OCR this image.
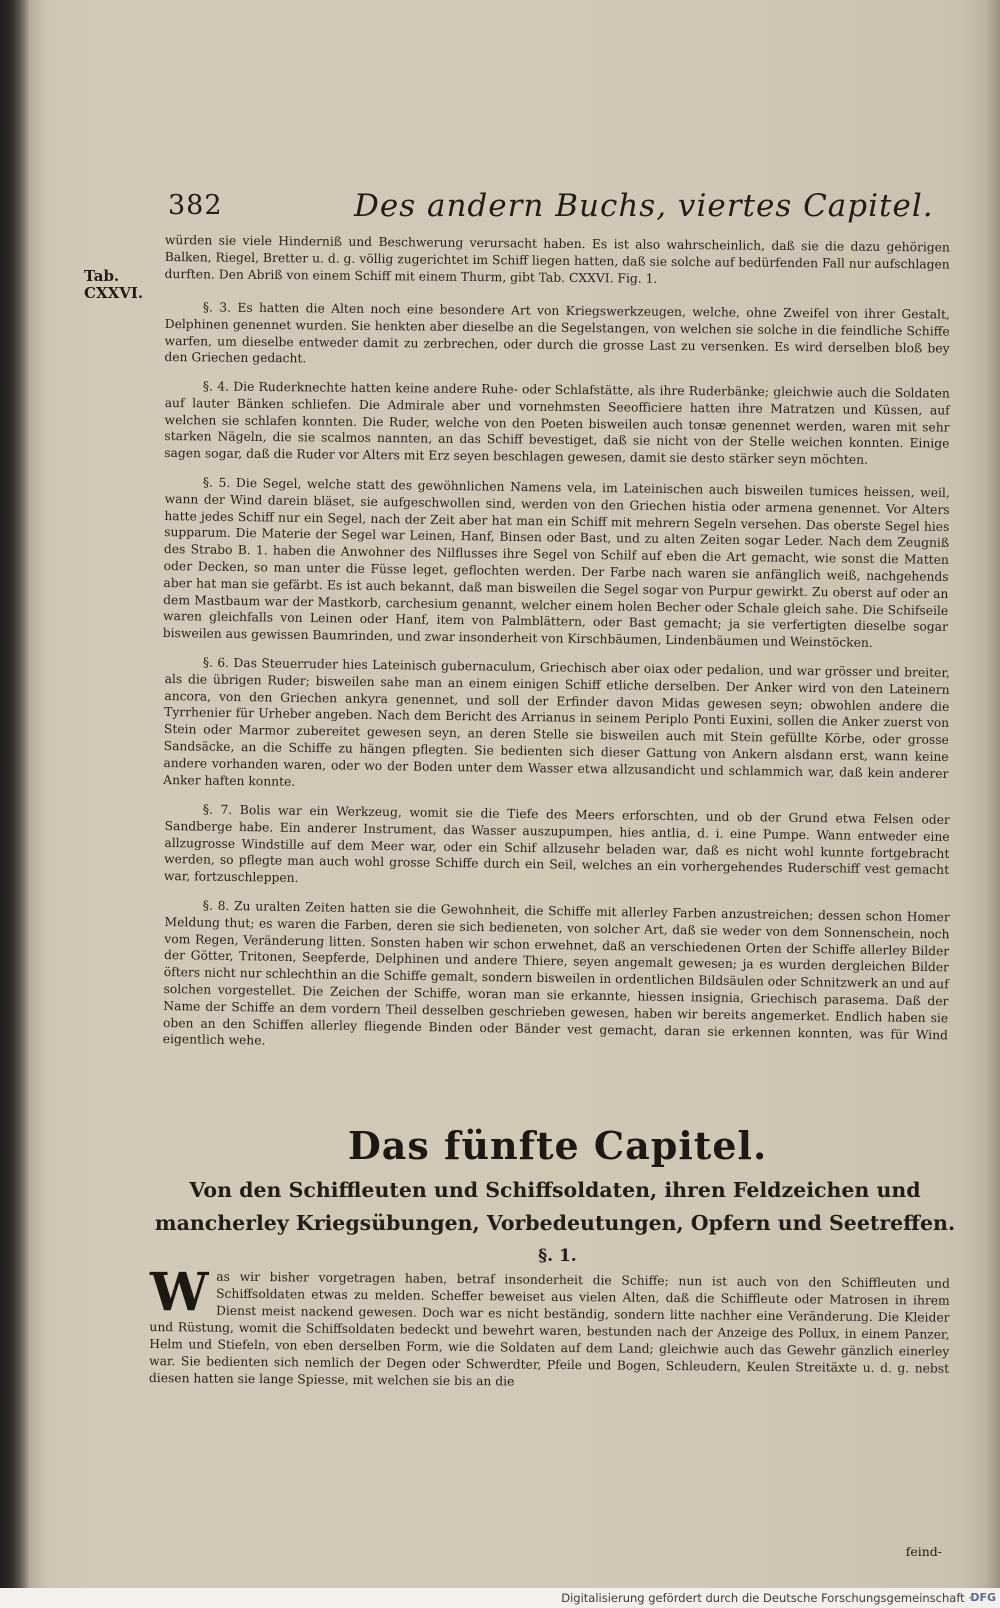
382	Des andern Buchs, viertes Capitel.
Tab.
CXXVI.

würden sie viele Hinderniß und Beschwerung verursacht haben. Es ist also wahrscheinlich, daß sie die dazu gehörigen Balken, Riegel, Bretter u. d. g. völlig zugerichtet im Schiff liegen hatten, daß sie solche auf bedürfenden Fall nur aufschlagen durften. Den Abriß von einem Schiff mit einem Thurm, gibt Tab. CXXVI. Fig. 1.

§. 3. Es hatten die Alten noch eine besondere Art von Kriegswerkzeugen, welche, ohne Zweifel von ihrer Gestalt, Delphinen genennet wurden. Sie henkten aber dieselbe an die Segelstangen, von welchen sie solche in die feindliche Schiffe warfen, um dieselbe entweder damit zu zerbrechen, oder durch die grosse Last zu versenken. Es wird derselben bloß bey den Griechen gedacht.

§. 4. Die Ruderknechte hatten keine andere Ruhe- oder Schlafstätte, als ihre Ruderbänke; gleichwie auch die Soldaten auf lauter Bänken schliefen. Die Admirale aber und vornehmsten Seeofficiere hatten ihre Matratzen und Küssen, auf welchen sie schlafen konnten. Die Ruder, welche von den Poeten bisweilen auch tonsæ genennet werden, waren mit sehr starken Nägeln, die sie scalmos nannten, an das Schiff bevestiget, daß sie nicht von der Stelle weichen konnten. Einige sagen sogar, daß die Ruder vor Alters mit Erz seyen beschlagen gewesen, damit sie desto stärker seyn möchten.

§. 5. Die Segel, welche statt des gewöhnlichen Namens vela, im Lateinischen auch bisweilen tumices heissen, weil, wann der Wind darein bläset, sie aufgeschwollen sind, werden von den Griechen histia oder armena genennet. Vor Alters hatte jedes Schiff nur ein Segel, nach der Zeit aber hat man ein Schiff mit mehrern Segeln versehen. Das oberste Segel hies supparum. Die Materie der Segel war Leinen, Hanf, Binsen oder Bast, und zu alten Zeiten sogar Leder. Nach dem Zeugniß des Strabo B. 1. haben die Anwohner des Nilflusses ihre Segel von Schilf auf eben die Art gemacht, wie sonst die Matten oder Decken, so man unter die Füsse leget, geflochten werden. Der Farbe nach waren sie anfänglich weiß, nachgehends aber hat man sie gefärbt. Es ist auch bekannt, daß man bisweilen die Segel sogar von Purpur gewirkt. Zu oberst auf oder an dem Mastbaum war der Mastkorb, carchesium genannt, welcher einem holen Becher oder Schale gleich sahe. Die Schifseile waren gleichfalls von Leinen oder Hanf, item von Palmblättern, oder Bast gemacht; ja sie verfertigten dieselbe sogar bisweilen aus gewissen Baumrinden, und zwar insonderheit von Kirschbäumen, Lindenbäumen und Weinstöcken.

§. 6. Das Steuerruder hies Lateinisch gubernaculum, Griechisch aber oiax oder pedalion, und war grösser und breiter, als die übrigen Ruder; bisweilen sahe man an einem einigen Schiff etliche derselben. Der Anker wird von den Lateinern ancora, von den Griechen ankyra genennet, und soll der Erfinder davon Midas gewesen seyn; obwohlen andere die Tyrrhenier für Urheber angeben. Nach dem Bericht des Arrianus in seinem Periplo Ponti Euxini, sollen die Anker zuerst von Stein oder Marmor zubereitet gewesen seyn, an deren Stelle sie bisweilen auch mit Stein gefüllte Körbe, oder grosse Sandsäcke, an die Schiffe zu hängen pflegten. Sie bedienten sich dieser Gattung von Ankern alsdann erst, wann keine andere vorhanden waren, oder wo der Boden unter dem Wasser etwa allzusandicht und schlammich war, daß kein anderer Anker haften konnte.

§. 7. Bolis war ein Werkzeug, womit sie die Tiefe des Meers erforschten, und ob der Grund etwa Felsen oder Sandberge habe. Ein anderer Instrument, das Wasser auszupumpen, hies antlia, d. i. eine Pumpe. Wann entweder eine allzugrosse Windstille auf dem Meer war, oder ein Schif allzusehr beladen war, daß es nicht wohl kunnte fortgebracht werden, so pflegte man auch wohl grosse Schiffe durch ein Seil, welches an ein vorhergehendes Ruderschiff vest gemacht war, fortzuschleppen.

§. 8. Zu uralten Zeiten hatten sie die Gewohnheit, die Schiffe mit allerley Farben anzustreichen; dessen schon Homer Meldung thut; es waren die Farben, deren sie sich bedieneten, von solcher Art, daß sie weder von dem Sonnenschein, noch vom Regen, Veränderung litten. Sonsten haben wir schon erwehnet, daß an verschiedenen Orten der Schiffe allerley Bilder der Götter, Tritonen, Seepferde, Delphinen und andere Thiere, seyen angemalt gewesen; ja es wurden dergleichen Bilder öfters nicht nur schlechthin an die Schiffe gemalt, sondern bisweilen in ordentlichen Bildsäulen oder Schnitzwerk an und auf solchen vorgestellet. Die Zeichen der Schiffe, woran man sie erkannte, hiessen insignia, Griechisch parasema. Daß der Name der Schiffe an dem vordern Theil desselben geschrieben gewesen, haben wir bereits angemerket. Endlich haben sie oben an den Schiffen allerley fliegende Binden oder Bänder vest gemacht, daran sie erkennen konnten, was für Wind eigentlich wehe.

Das fünfte Capitel.
Von den Schiffleuten und Schiffsoldaten, ihren Feldzeichen und mancherley Kriegsübungen, Vorbedeutungen, Opfern und Seetreffen.
§. 1.
W as wir bisher vorgetragen haben, betraf insonderheit die Schiffe; nun ist auch von den Schiffleuten und Schiffsoldaten etwas zu melden. Scheffer beweiset aus vielen Alten, daß die Schiffleute oder Matrosen in ihrem Dienst meist nackend gewesen. Doch war es nicht beständig, sondern litte nachher eine Veränderung. Die Kleider und Rüstung, womit die Schiffsoldaten bedeckt und bewehrt waren, bestunden nach der Anzeige des Pollux, in einem Panzer, Helm und Stiefeln, von eben derselben Form, wie die Soldaten auf dem Land; gleichwie auch das Gewehr gänzlich einerley war. Sie bedienten sich nemlich der Degen oder Schwerdter, Pfeile und Bogen, Schleudern, Keulen Streitäxte u. d. g. nebst diesen hatten sie lange Spiesse, mit welchen sie bis an die

feind-
Digitalisierung gefördert durch die Deutsche Forschungsgemeinschaft ·
DFG
